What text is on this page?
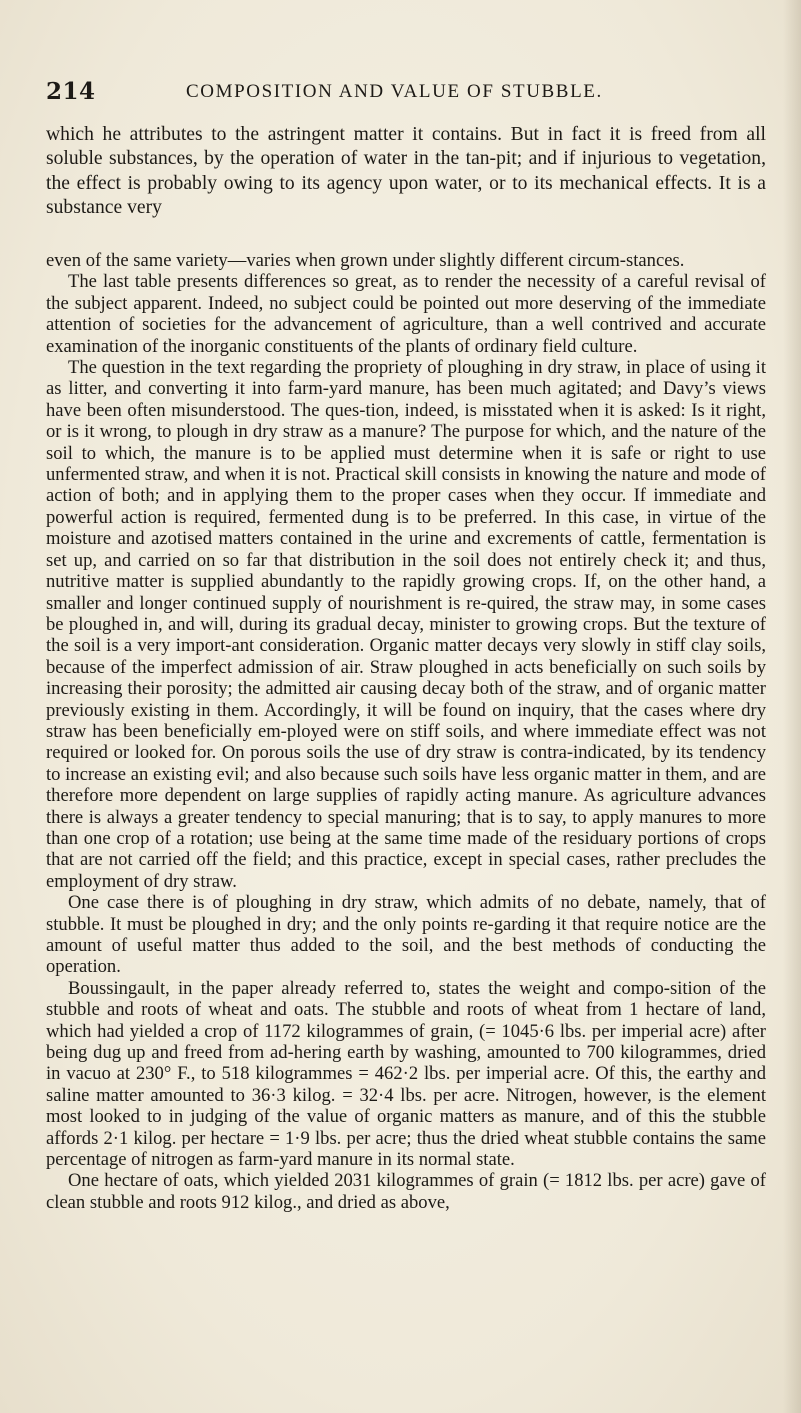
214	COMPOSITION AND VALUE OF STUBBLE.

which he attributes to the astringent matter it contains. But in fact it is freed from all soluble substances, by the operation of water in the tan-pit; and if injurious to vegetation, the effect is probably owing to its agency upon water, or to its mechanical effects. It is a substance very

even of the same variety—varies when grown under slightly different circum-stances.

The last table presents differences so great, as to render the necessity of a careful revisal of the subject apparent. Indeed, no subject could be pointed out more deserving of the immediate attention of societies for the advancement of agriculture, than a well contrived and accurate examination of the inorganic constituents of the plants of ordinary field culture.

The question in the text regarding the propriety of ploughing in dry straw, in place of using it as litter, and converting it into farm-yard manure, has been much agitated; and Davy’s views have been often misunderstood. The ques-tion, indeed, is misstated when it is asked: Is it right, or is it wrong, to plough in dry straw as a manure? The purpose for which, and the nature of the soil to which, the manure is to be applied must determine when it is safe or right to use unfermented straw, and when it is not. Practical skill consists in knowing the nature and mode of action of both; and in applying them to the proper cases when they occur. If immediate and powerful action is required, fermented dung is to be preferred. In this case, in virtue of the moisture and azotised matters contained in the urine and excrements of cattle, fermentation is set up, and carried on so far that distribution in the soil does not entirely check it; and thus, nutritive matter is supplied abundantly to the rapidly growing crops. If, on the other hand, a smaller and longer continued supply of nourishment is re-quired, the straw may, in some cases be ploughed in, and will, during its gradual decay, minister to growing crops. But the texture of the soil is a very import-ant consideration. Organic matter decays very slowly in stiff clay soils, because of the imperfect admission of air. Straw ploughed in acts beneficially on such soils by increasing their porosity; the admitted air causing decay both of the straw, and of organic matter previously existing in them. Accordingly, it will be found on inquiry, that the cases where dry straw has been beneficially em-ployed were on stiff soils, and where immediate effect was not required or looked for. On porous soils the use of dry straw is contra-indicated, by its tendency to increase an existing evil; and also because such soils have less organic matter in them, and are therefore more dependent on large supplies of rapidly acting manure. As agriculture advances there is always a greater tendency to special manuring; that is to say, to apply manures to more than one crop of a rotation; use being at the same time made of the residuary portions of crops that are not carried off the field; and this practice, except in special cases, rather precludes the employment of dry straw.

One case there is of ploughing in dry straw, which admits of no debate, namely, that of stubble. It must be ploughed in dry; and the only points re-garding it that require notice are the amount of useful matter thus added to the soil, and the best methods of conducting the operation.

Boussingault, in the paper already referred to, states the weight and compo-sition of the stubble and roots of wheat and oats. The stubble and roots of wheat from 1 hectare of land, which had yielded a crop of 1172 kilogrammes of grain, (= 1045·6 lbs. per imperial acre) after being dug up and freed from ad-hering earth by washing, amounted to 700 kilogrammes, dried in vacuo at 230° F., to 518 kilogrammes = 462·2 lbs. per imperial acre. Of this, the earthy and saline matter amounted to 36·3 kilog. = 32·4 lbs. per acre. Nitrogen, however, is the element most looked to in judging of the value of organic matters as manure, and of this the stubble affords 2·1 kilog. per hectare = 1·9 lbs. per acre; thus the dried wheat stubble contains the same percentage of nitrogen as farm-yard manure in its normal state.

One hectare of oats, which yielded 2031 kilogrammes of grain (= 1812 lbs. per acre) gave of clean stubble and roots 912 kilog., and dried as above,
